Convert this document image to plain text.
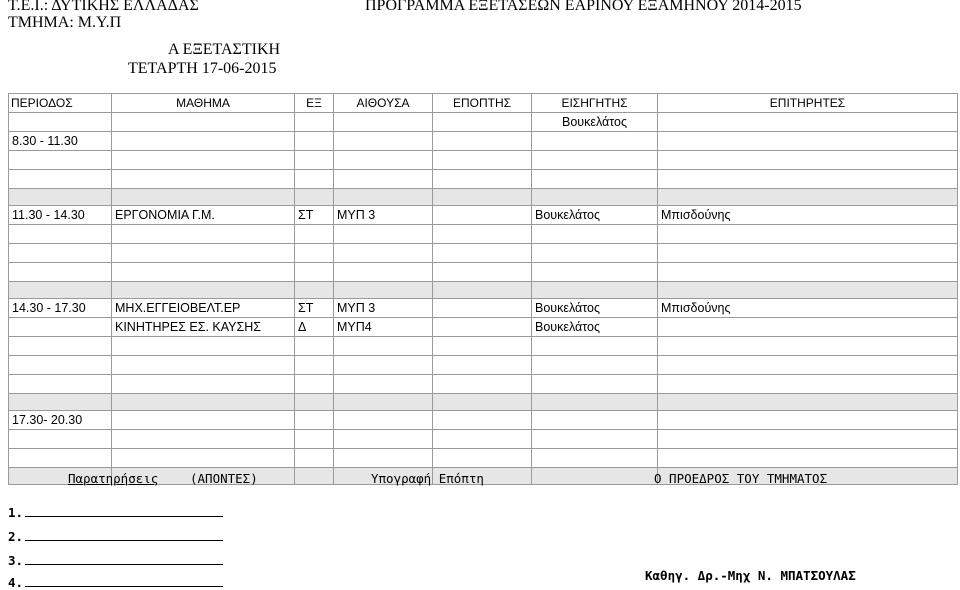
Τ.Ε.Ι.: ΔΥΤΙΚΗΣ ΕΛΛΑΔΑΣ
ΤΜΗΜΑ: Μ.Υ.Π
ΠΡΟΓΡΑΜΜΑ ΕΞΕΤΑΣΕΩΝ ΕΑΡΙΝΟΥ ΕΞΑΜΗΝΟΥ 2014-2015
Α ΕΞΕΤΑΣΤΙΚΗ
ΤΕΤΑΡΤΗ 17-06-2015
ΠΕΡΙΟΔΟΣ	ΜΑΘΗΜΑ	ΕΞ	ΑΙΘΟΥΣΑ	ΕΠΟΠΤΗΣ	ΕΙΣΗΓΗΤΗΣ	ΕΠΙΤΗΡΗΤΕΣ
					Βουκελάτος	
8.30 - 11.30						

11.30 - 14.30	ΕΡΓΟΝΟΜΙΑ Γ.Μ.	ΣΤ	ΜΥΠ 3		Βουκελάτος	Μπισδούνης

14.30 - 17.30	ΜΗΧ.ΕΓΓΕΙΟΒΕΛΤ.ΕΡ	ΣΤ	ΜΥΠ 3		Βουκελάτος	Μπισδούνης
	ΚΙΝΗΤΗΡΕΣ ΕΣ. ΚΑΥΣΗΣ	Δ	ΜΥΠ4		Βουκελάτος	

17.30- 20.30						

Παρατηρήσεις	(ΑΠΟΝΤΕΣ)	Υπογραφή Επόπτη	Ο ΠΡΟΕΔΡΟΣ ΤΟΥ ΤΜΗΜΑΤΟΣ
1.
2.
3.
4.	Καθηγ. Δρ.-Μηχ Ν. ΜΠΑΤΣΟΥΛΑΣ
